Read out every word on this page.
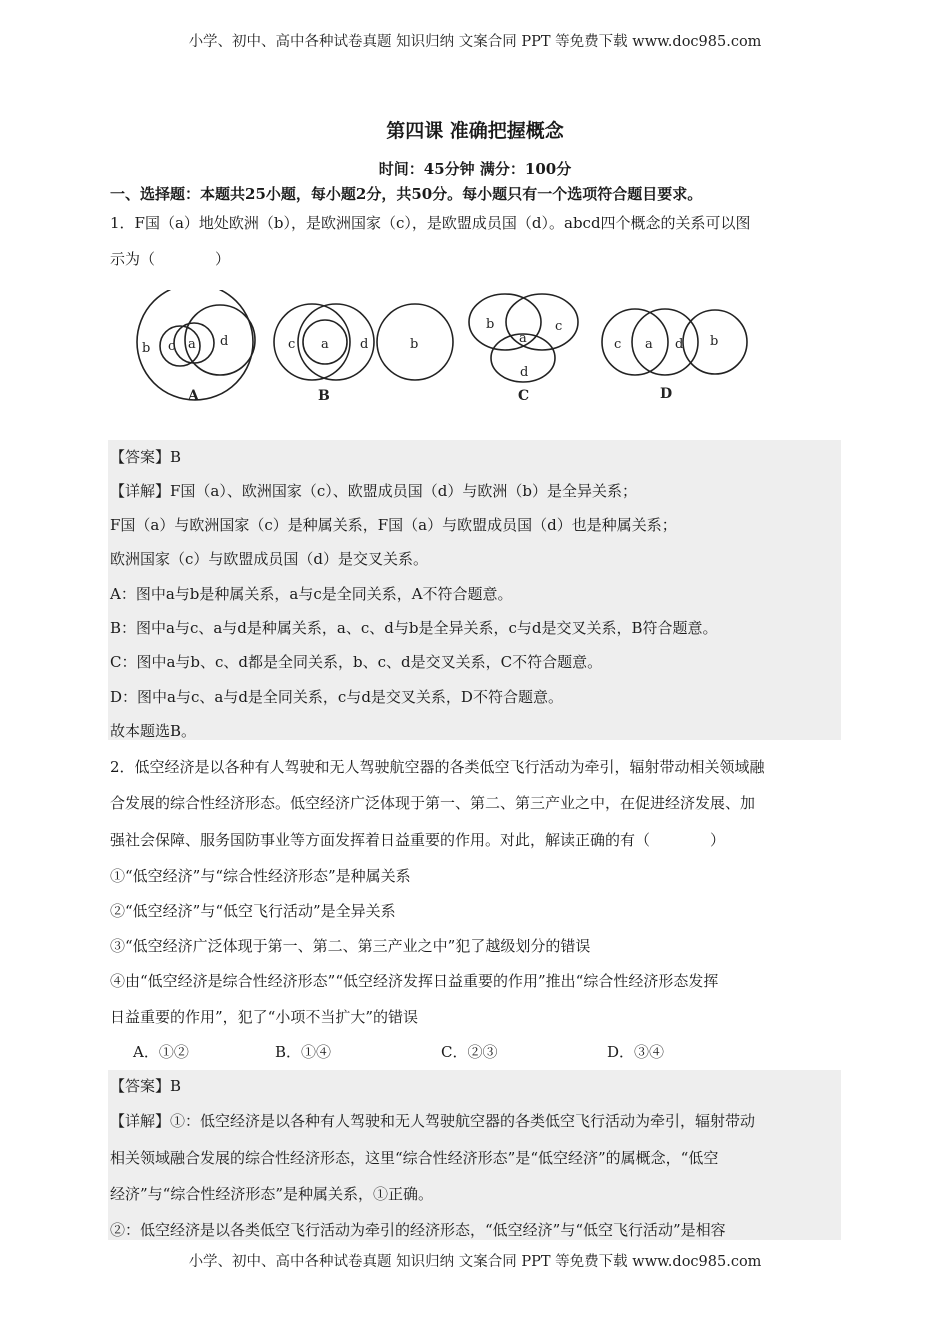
小学、初中、高中各种试卷真题 知识归纳 文案合同 PPT 等免费下载 www.doc985.com
第四课 准确把握概念
时间：45分钟 满分：100分
一、选择题：本题共25小题，每小题2分，共50分。每小题只有一个选项符合题目要求。
1．F国（a）地处欧洲（b），是欧洲国家（c），是欧盟成员国（d）。abcd四个概念的关系可以图
示为（　　　　）
b c a d	c a d	b
b	c
a
d
c a d b
A	B	C	D
【答案】B
【详解】F国（a）、欧洲国家（c）、欧盟成员国（d）与欧洲（b）是全异关系；
F国（a）与欧洲国家（c）是种属关系，F国（a）与欧盟成员国（d）也是种属关系；
欧洲国家（c）与欧盟成员国（d）是交叉关系。
A：图中a与b是种属关系，a与c是全同关系，A不符合题意。
B：图中a与c、a与d是种属关系，a、c、d与b是全异关系，c与d是交叉关系，B符合题意。
C：图中a与b、c、d都是全同关系，b、c、d是交叉关系，C不符合题意。
D：图中a与c、a与d是全同关系，c与d是交叉关系，D不符合题意。
故本题选B。
2．低空经济是以各种有人驾驶和无人驾驶航空器的各类低空飞行活动为牵引，辐射带动相关领域融
合发展的综合性经济形态。低空经济广泛体现于第一、第二、第三产业之中，在促进经济发展、加
强社会保障、服务国防事业等方面发挥着日益重要的作用。对此，解读正确的有（　　　　）
①“低空经济”与“综合性经济形态”是种属关系
②“低空经济”与“低空飞行活动”是全异关系
③“低空经济广泛体现于第一、第二、第三产业之中”犯了越级划分的错误
④由“低空经济是综合性经济形态”“低空经济发挥日益重要的作用”推出“综合性经济形态发挥
日益重要的作用”，犯了“小项不当扩大”的错误
A．①②	B．①④	C．②③	D．③④
【答案】B
【详解】①：低空经济是以各种有人驾驶和无人驾驶航空器的各类低空飞行活动为牵引，辐射带动
相关领域融合发展的综合性经济形态，这里“综合性经济形态”是“低空经济”的属概念，“低空
经济”与“综合性经济形态”是种属关系，①正确。
②：低空经济是以各类低空飞行活动为牵引的经济形态，“低空经济”与“低空飞行活动”是相容
小学、初中、高中各种试卷真题 知识归纳 文案合同 PPT 等免费下载 www.doc985.com
